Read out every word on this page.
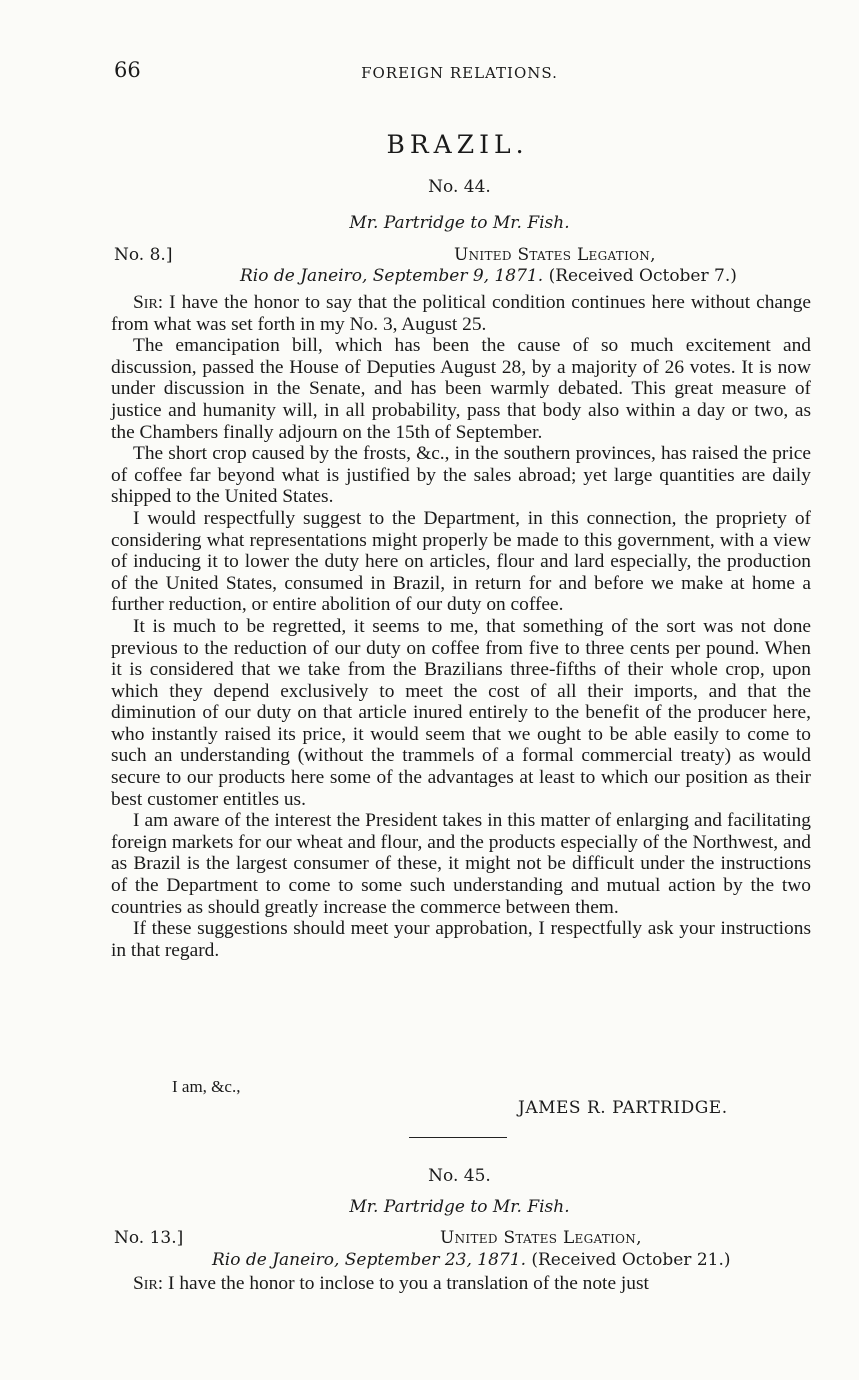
66	FOREIGN RELATIONS.
BRAZIL.
No. 44.
Mr. Partridge to Mr. Fish.
No. 8.]	United States Legation,
Rio de Janeiro, September 9, 1871. (Received October 7.)

Sir: I have the honor to say that the political condition continues here without change from what was set forth in my No. 3, August 25.

The emancipation bill, which has been the cause of so much excitement and discussion, passed the House of Deputies August 28, by a majority of 26 votes. It is now under discussion in the Senate, and has been warmly debated. This great measure of justice and humanity will, in all probability, pass that body also within a day or two, as the Chambers finally adjourn on the 15th of September.

The short crop caused by the frosts, &c., in the southern provinces, has raised the price of coffee far beyond what is justified by the sales abroad; yet large quantities are daily shipped to the United States.

I would respectfully suggest to the Department, in this connection, the propriety of considering what representations might properly be made to this government, with a view of inducing it to lower the duty here on articles, flour and lard especially, the production of the United States, consumed in Brazil, in return for and before we make at home a further reduction, or entire abolition of our duty on coffee.

It is much to be regretted, it seems to me, that something of the sort was not done previous to the reduction of our duty on coffee from five to three cents per pound. When it is considered that we take from the Brazilians three-fifths of their whole crop, upon which they depend exclusively to meet the cost of all their imports, and that the diminution of our duty on that article inured entirely to the benefit of the producer here, who instantly raised its price, it would seem that we ought to be able easily to come to such an understanding (without the trammels of a formal commercial treaty) as would secure to our products here some of the advantages at least to which our position as their best customer entitles us.

I am aware of the interest the President takes in this matter of enlarging and facilitating foreign markets for our wheat and flour, and the products especially of the Northwest, and as Brazil is the largest consumer of these, it might not be difficult under the instructions of the Department to come to some such understanding and mutual action by the two countries as should greatly increase the commerce between them.

If these suggestions should meet your approbation, I respectfully ask your instructions in that regard.

I am, &c.,
JAMES R. PARTRIDGE.
No. 45.
Mr. Partridge to Mr. Fish.
No. 13.]	United States Legation,
Rio de Janeiro, September 23, 1871. (Received October 21.)

Sir: I have the honor to inclose to you a translation of the note just
